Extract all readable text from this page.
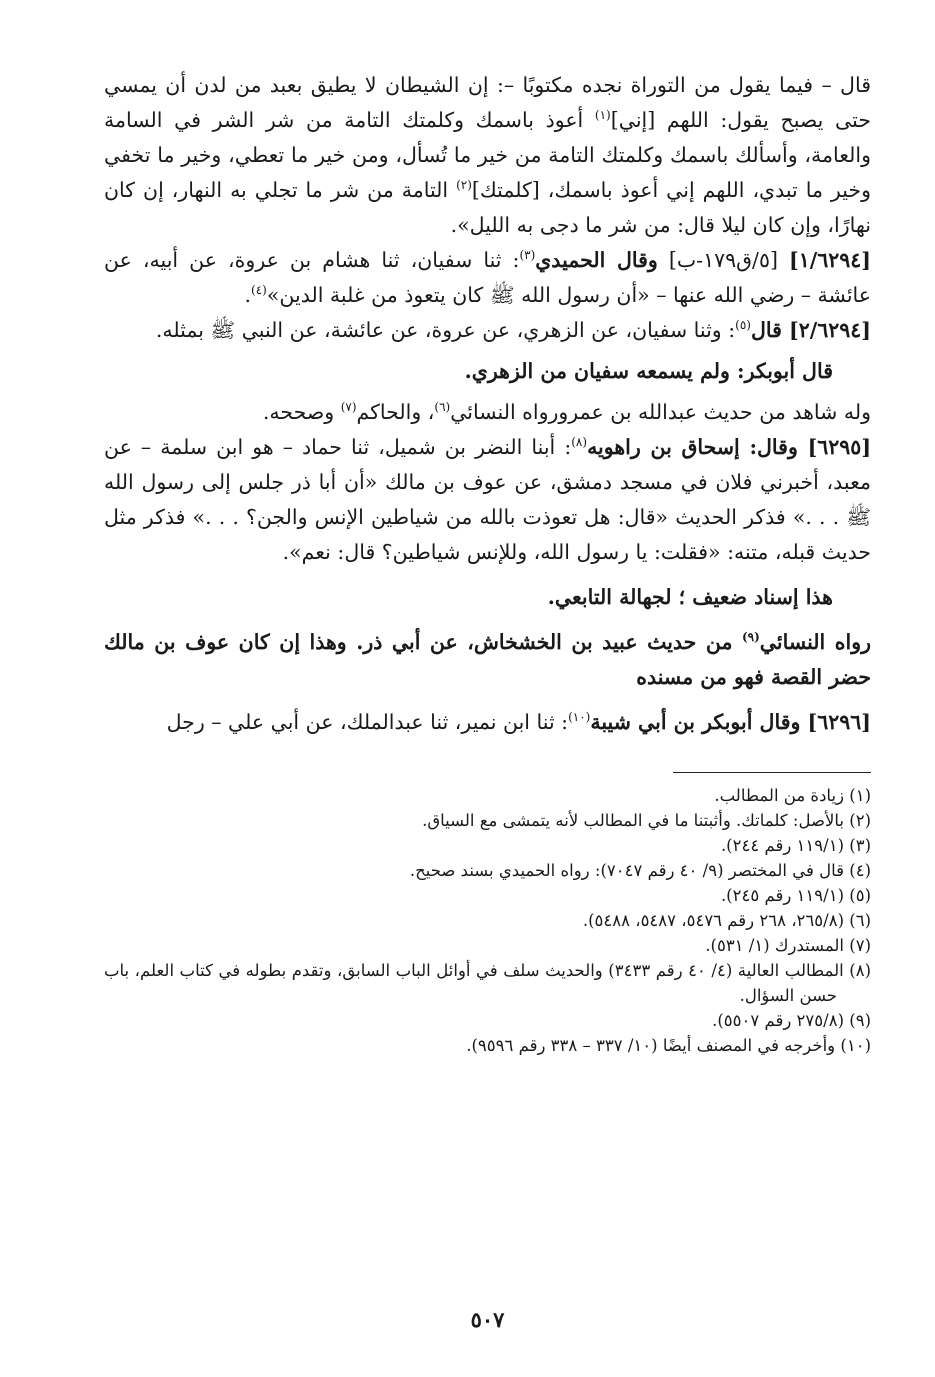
قال – فيما يقول من التوراة نجده مكتوبًا –: إن الشيطان لا يطيق بعبد من لدن أن يمسي حتى يصبح يقول: اللهم [إني]$^{(١)}$ أعوذ باسمك وكلمتك التامة من شر الشر في السامة والعامة، وأسألك باسمك وكلمتك التامة من خير ما تُسأل، ومن خير ما تعطي، وخير ما تخفي وخير ما تبدي، اللهم إني أعوذ باسمك، [كلمتك]$^{(٢)}$ التامة من شر ما تجلي به النهار، إن كان نهارًا، وإن كان ليلا قال: من شر ما دجى به الليل».

[١/٦٢٩٤] [٥/ق١٧٩-ب] وقال الحميدي$^{(٣)}$: ثنا سفيان، ثنا هشام بن عروة، عن أبيه، عن عائشة – رضي الله عنها – «أن رسول الله ﷺ كان يتعوذ من غلبة الدين»$^{(٤)}$.

[٢/٦٢٩٤] قال$^{(٥)}$: وثنا سفيان، عن الزهري، عن عروة، عن عائشة، عن النبي ﷺ بمثله.

قال أبوبكر: ولم يسمعه سفيان من الزهري.

وله شاهد من حديث عبدالله بن عمرورواه النسائي$^{(٦)}$، والحاكم$^{(٧)}$ وصححه.

[٦٢٩٥] وقال: إسحاق بن راهويه$^{(٨)}$: أبنا النضر بن شميل، ثنا حماد – هو ابن سلمة – عن معبد، أخبرني فلان في مسجد دمشق، عن عوف بن مالك «أن أبا ذر جلس إلى رسول الله ﷺ . . .» فذكر الحديث «قال: هل تعوذت بالله من شياطين الإنس والجن؟ . . .» فذكر مثل حديث قبله، متنه: «فقلت: يا رسول الله، وللإنس شياطين؟ قال: نعم».

هذا إسناد ضعيف ؛ لجهالة التابعي.

رواه النسائي$^{(٩)}$ من حديث عبيد بن الخشخاش، عن أبي ذر. وهذا إن كان عوف بن مالك حضر القصة فهو من مسنده

[٦٢٩٦] وقال أبوبكر بن أبي شيبة$^{(١٠)}$: ثنا ابن نمير، ثنا عبدالملك، عن أبي علي – رجل

(١) زيادة من المطالب.
(٢) بالأصل: كلماتك. وأثبتنا ما في المطالب لأنه يتمشى مع السياق.
(٣) (١١٩/١ رقم ٢٤٤).
(٤) قال في المختصر (٩/ ٤٠ رقم ٧٠٤٧): رواه الحميدي بسند صحيح.
(٥) (١١٩/١ رقم ٢٤٥).
(٦) (٢٦٥/٨، ٢٦٨ رقم ٥٤٧٦، ٥٤٨٧، ٥٤٨٨).
(٧) المستدرك (١/ ٥٣١).
(٨) المطالب العالية (٤/ ٤٠ رقم ٣٤٣٣) والحديث سلف في أوائل الباب السابق، وتقدم بطوله في كتاب العلم، باب حسن السؤال.
(٩) (٢٧٥/٨ رقم ٥٥٠٧).
(١٠) وأخرجه في المصنف أيضًا (١٠/ ٣٣٧ – ٣٣٨ رقم ٩٥٩٦).
٥٠٧
